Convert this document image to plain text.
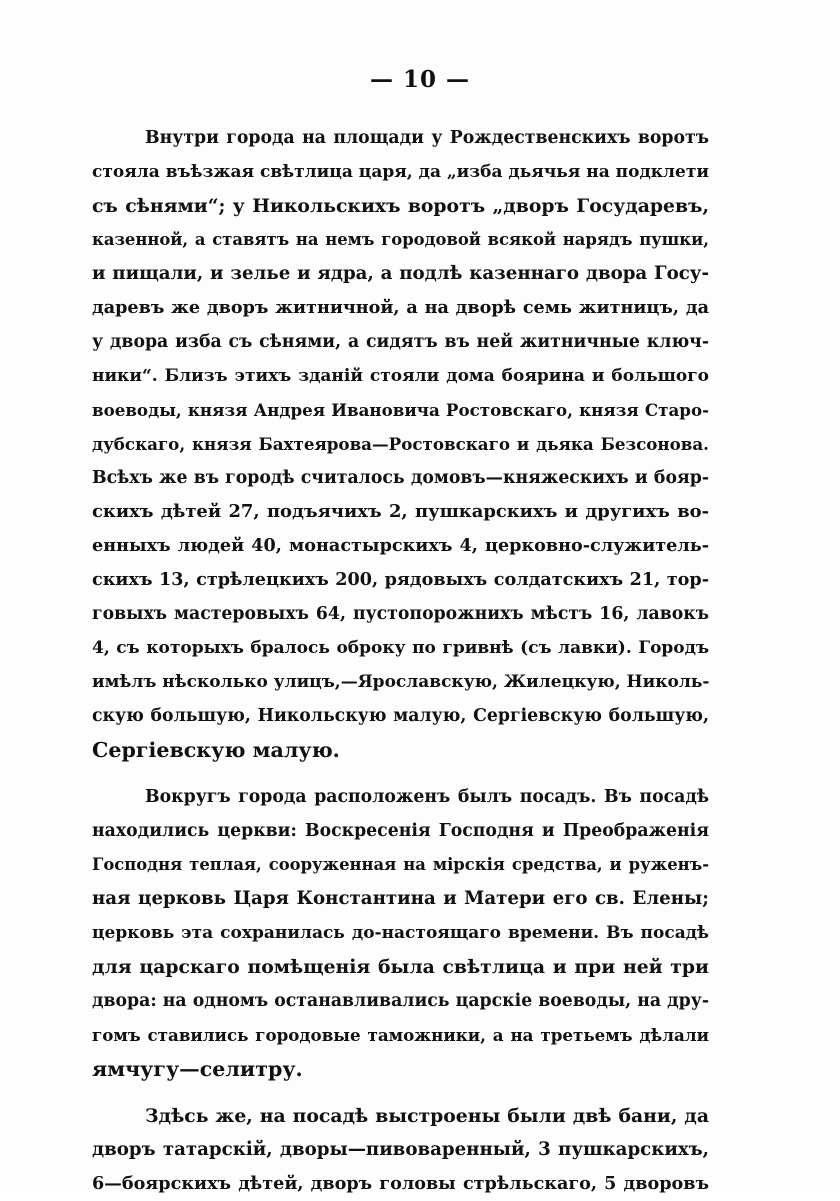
— 10 —
Внутри города на площади у Рождественскихъ воротъ
стояла въѣзжая свѣтлица царя, да „изба дьячья на подклети
съ сѣнями“; у Никольскихъ воротъ „дворъ Государевъ,
казенной, а ставятъ на немъ городовой всякой нарядъ пушки,
и пищали, и зелье и ядра, а подлѣ казеннаго двора Госу-
даревъ же дворъ житничной, а на дворѣ семь житницъ, да
у двора изба съ сѣнями, а сидятъ въ ней житничные ключ-
ники“. Близъ этихъ зданій стояли дома боярина и большого
воеводы, князя Андрея Ивановича Ростовскаго, князя Старо-
дубскаго, князя Бахтеярова—Ростовскаго и дьяка Безсонова.
Всѣхъ же въ городѣ считалось домовъ—княжескихъ и бояр-
скихъ дѣтей 27, подъячихъ 2, пушкарскихъ и другихъ во-
енныхъ людей 40, монастырскихъ 4, церковно-служитель-
скихъ 13, стрѣлецкихъ 200, рядовыхъ солдатскихъ 21, тор-
говыхъ мастеровыхъ 64, пустопорожнихъ мѣстъ 16, лавокъ
4, съ которыхъ бралось оброку по гривнѣ (съ лавки). Городъ
имѣлъ нѣсколько улицъ,—Ярославскую, Жилецкую, Николь-
скую большую, Никольскую малую, Сергіевскую большую,
Сергіевскую малую.
Вокругъ города расположенъ былъ посадъ. Въ посадѣ
находились церкви: Воскресенія Господня и Преображенія
Господня теплая, сооруженная на мірскія средства, и руженъ-
ная церковь Царя Константина и Матери его св. Елены;
церковь эта сохранилась до-настоящаго времени. Въ посадѣ
для царскаго помѣщенія была свѣтлица и при ней три
двора: на одномъ останавливались царскіе воеводы, на дру-
гомъ ставились городовые таможники, а на третьемъ дѣлали
ямчугу—селитру.
Здѣсь же, на посадѣ выстроены были двѣ бани, да
дворъ татарскій, дворы—пивоваренный, 3 пушкарскихъ,
6—боярскихъ дѣтей, дворъ головы стрѣльскаго, 5 дворовъ
